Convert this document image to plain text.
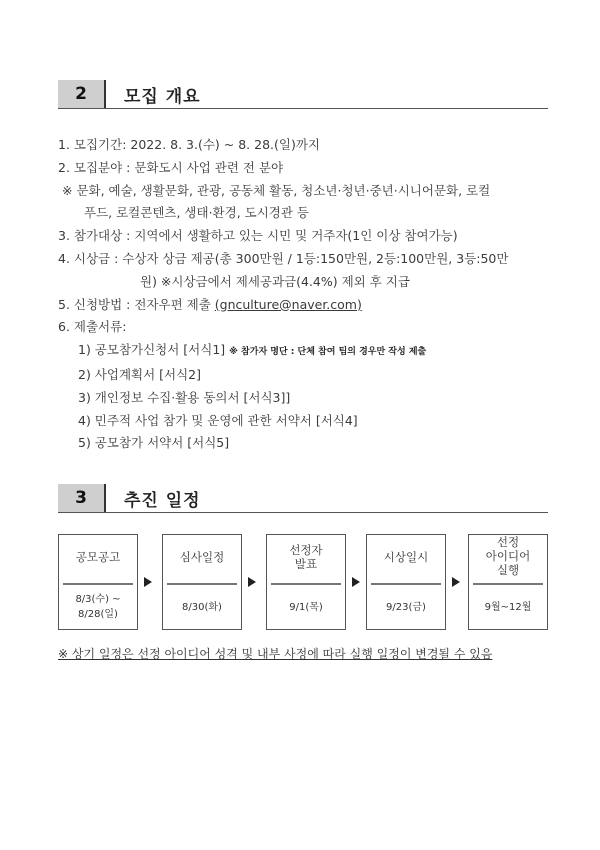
2	모집 개요
1. 모집기간: 2022. 8. 3.(수) ~ 8. 28.(일)까지
2. 모집분야 : 문화도시 사업 관련 전 분야
※ 문화, 예술, 생활문화, 관광, 공동체 활동, 청소년·청년·중년·시니어문화, 로컬
푸드, 로컬콘텐츠, 생태·환경, 도시경관 등
3. 참가대상 : 지역에서 생활하고 있는 시민 및 거주자(1인 이상 참여가능)
4. 시상금 : 수상자 상금 제공(총 300만원 / 1등:150만원, 2등:100만원, 3등:50만
원) ※시상금에서 제세공과금(4.4%) 제외 후 지급
5. 신청방법 : 전자우편 제출 (gnculture@naver.com)
6. 제출서류:
1) 공모참가신청서 [서식1] ※ 참가자 명단 : 단체 참여 팀의 경우만 작성 제출
2) 사업계획서 [서식2]
3) 개인정보 수집·활용 동의서 [서식3]]
4) 민주적 사업 참가 및 운영에 관한 서약서 [서식4]
5) 공모참가 서약서 [서식5]
3	추진 일정
공모공고
8/3(수) ~
8/28(일)
심사일정
8/30(화)
선정자
발표
9/1(목)
시상일시
9/23(금)
선정
아이디어
실행
9월~12월
※ 상기 일정은 선정 아이디어 성격 및 내부 사정에 따라 실행 일정이 변경될 수 있음
